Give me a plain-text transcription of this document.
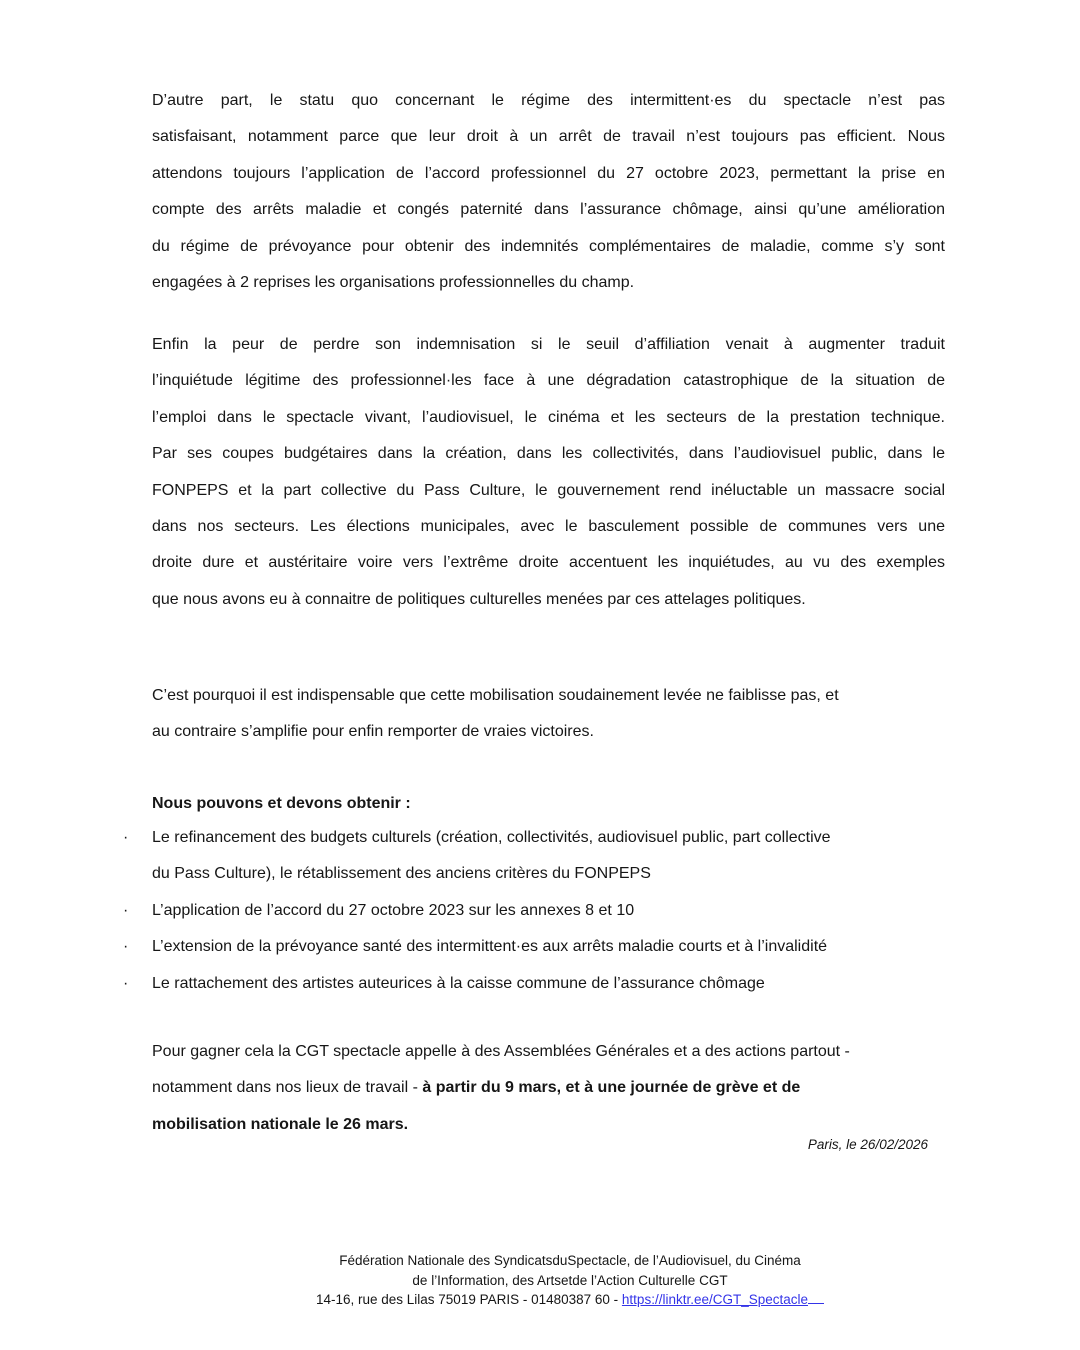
D’autre part, le statu quo concernant le régime des intermittent·es du spectacle n’est pas
satisfaisant, notamment parce que leur droit à un arrêt de travail n’est toujours pas efficient. Nous
attendons toujours l’application de l’accord professionnel du 27 octobre 2023, permettant la prise en
compte des arrêts maladie et congés paternité dans l’assurance chômage, ainsi qu’une amélioration
du régime de prévoyance pour obtenir des indemnités complémentaires de maladie, comme s’y sont
engagées à 2 reprises les organisations professionnelles du champ.
Enfin la peur de perdre son indemnisation si le seuil d’affiliation venait à augmenter traduit
l’inquiétude légitime des professionnel·les face à une dégradation catastrophique de la situation de
l’emploi dans le spectacle vivant, l’audiovisuel, le cinéma et les secteurs de la prestation technique.
Par ses coupes budgétaires dans la création, dans les collectivités, dans l’audiovisuel public, dans le
FONPEPS et la part collective du Pass Culture, le gouvernement rend inéluctable un massacre social
dans nos secteurs. Les élections municipales, avec le basculement possible de communes vers une
droite dure et austéritaire voire vers l’extrême droite accentuent les inquiétudes, au vu des exemples
que nous avons eu à connaitre de politiques culturelles menées par ces attelages politiques.
C’est pourquoi il est indispensable que cette mobilisation soudainement levée ne faiblisse pas, et
au contraire s’amplifie pour enfin remporter de vraies victoires.
Nous pouvons et devons obtenir :
·	Le refinancement des budgets culturels (création, collectivités, audiovisuel public, part collective
du Pass Culture), le rétablissement des anciens critères du FONPEPS
·	L’application de l’accord du 27 octobre 2023 sur les annexes 8 et 10
·	L’extension de la prévoyance santé des intermittent·es aux arrêts maladie courts et à l’invalidité
·	Le rattachement des artistes auteurices à la caisse commune de l’assurance chômage
Pour gagner cela la CGT spectacle appelle à des Assemblées Générales et a des actions partout -
notamment dans nos lieux de travail - à partir du 9 mars, et à une journée de grève et de
mobilisation nationale le 26 mars.
Paris, le 26/02/2026
Fédération Nationale des SyndicatsduSpectacle, de l’Audiovisuel, du Cinéma
de l’Information, des Artsetde l’Action Culturelle CGT
14-16, rue des Lilas 75019 PARIS - 01480387 60 - https://linktr.ee/CGT_Spectacle
